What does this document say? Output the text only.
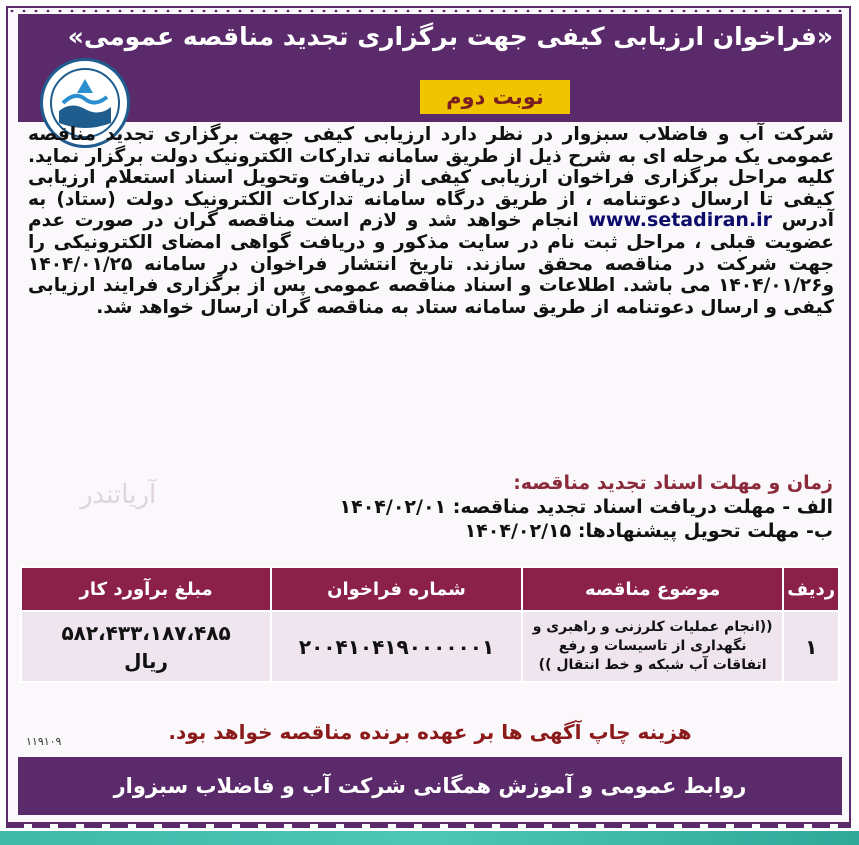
«فراخوان ارزیابی کیفی جهت برگزاری تجدید مناقصه عمومی»
نوبت دوم

شرکت آب و فاضلاب سبزوار در نظر دارد ارزیابی کیفی جهت برگزاری تجدید مناقصه عمومی یک مرحله ای به شرح ذیل از طریق سامانه تدارکات الکترونیک دولت برگزار نماید. کلیه مراحل برگزاری فراخوان ارزیابی کیفی از دریافت وتحویل اسناد استعلام ارزیابی کیفی تا ارسال دعوتنامه ، از طریق درگاه سامانه تدارکات الکترونیک دولت (ستاد) به آدرس www.setadiran.ir انجام خواهد شد و لازم است مناقصه گران در صورت عدم عضویت قبلی ، مراحل ثبت نام در سایت مذکور و دریافت گواهی امضای الکترونیکی را جهت شرکت در مناقصه محقق سازند. تاریخ انتشار فراخوان در سامانه ۱۴۰۴/۰۱/۲۵ و۱۴۰۴/۰۱/۲۶ می باشد. اطلاعات و اسناد مناقصه عمومی پس از برگزاری فرایند ارزیابی کیفی و ارسال دعوتنامه از طریق سامانه ستاد به مناقصه گران ارسال خواهد شد.

آریاتندر	زمان و مهلت اسناد تجدید مناقصه:
الف - مهلت دریافت اسناد تجدید مناقصه: ۱۴۰۴/۰۲/۰۱
ب- مهلت تحویل پیشنهادها: ۱۴۰۴/۰۲/۱۵
ردیف	موضوع مناقصه	شماره فراخوان	مبلغ برآورد کار
۱	((انجام عملیات کلرزنی و راهبری و نگهداری از تاسیسات و رفع اتفاقات آب شبکه و خط انتقال ))	۲۰۰۴۱۰۴۱۹۰۰۰۰۰۰۱	۵۸۲،۴۳۳،۱۸۷،۴۸۵
ریال
هزینه چاپ آگهی ها بر عهده برنده مناقصه خواهد بود.
۱۱۹۱۰۹
روابط عمومی و آموزش همگانی شرکت آب و فاضلاب سبزوار
